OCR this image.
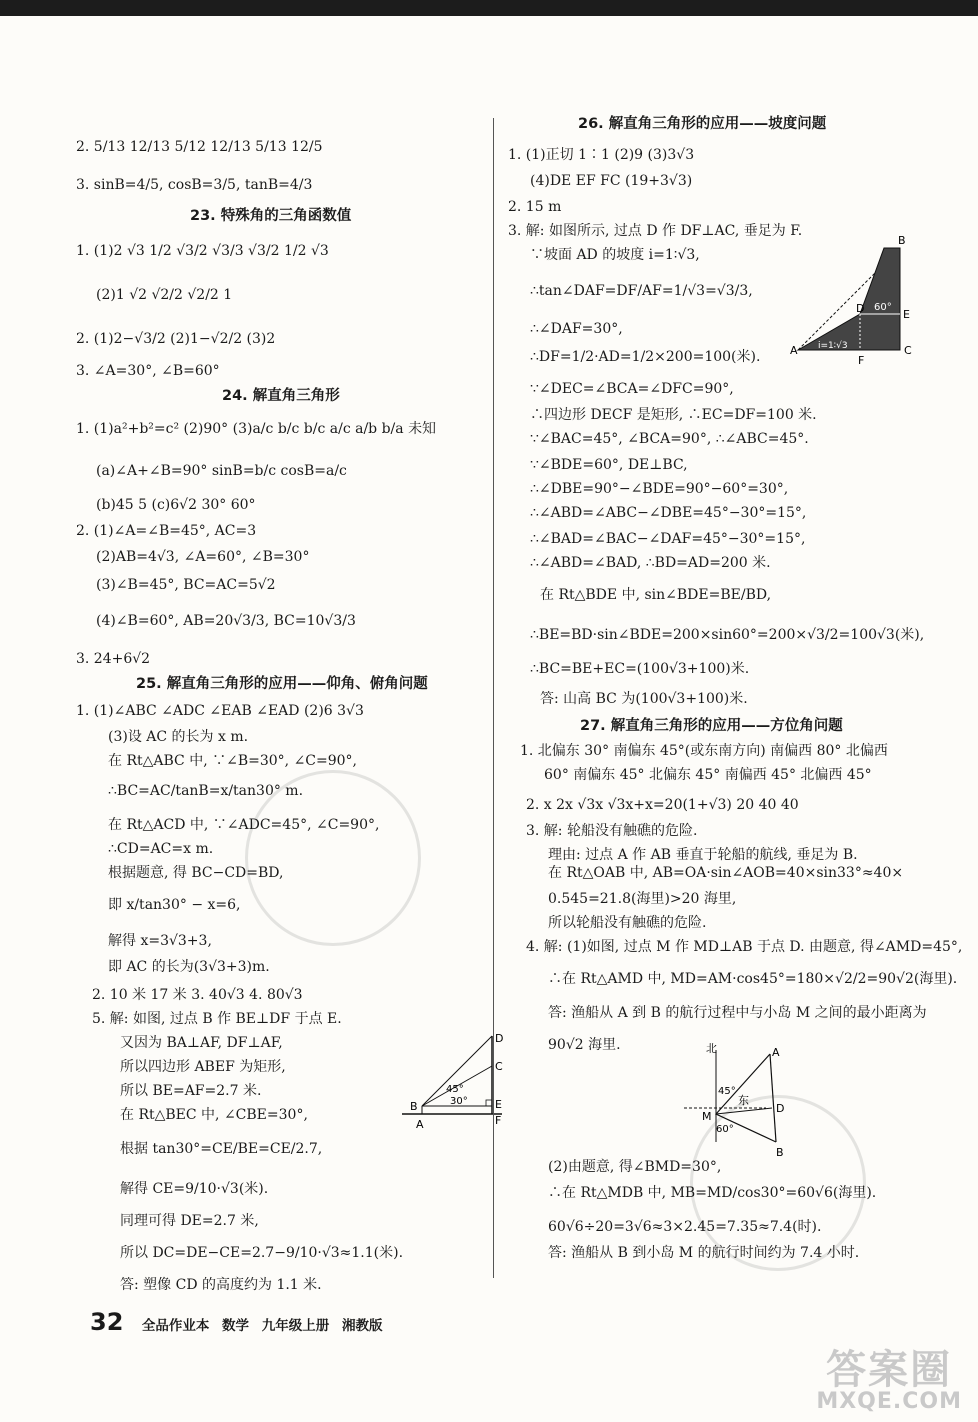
2. 5/13 12/13 5/12 12/13 5/13 12/5
3. sinB=4/5, cosB=3/5, tanB=4/3
23. 特殊角的三角函数值
1. (1)2 √3 1/2 √3/2 √3/3 √3/2 1/2 √3
(2)1 √2 √2/2 √2/2 1
2. (1)2−√3/2 (2)1−√2/2 (3)2
3. ∠A=30°, ∠B=60°
24. 解直角三角形
1. (1)a²+b²=c² (2)90° (3)a/c b/c b/c a/c a/b b/a 未知
(a)∠A+∠B=90° sinB=b/c cosB=a/c
(b)45 5 (c)6√2 30° 60°
2. (1)∠A=∠B=45°, AC=3
(2)AB=4√3, ∠A=60°, ∠B=30°
(3)∠B=45°, BC=AC=5√2
(4)∠B=60°, AB=20√3/3, BC=10√3/3
3. 24+6√2
25. 解直角三角形的应用——仰角、俯角问题
1. (1)∠ABC ∠ADC ∠EAB ∠EAD (2)6 3√3
(3)设 AC 的长为 x m.
在 Rt△ABC 中, ∵∠B=30°, ∠C=90°,
∴BC=AC/tanB=x/tan30° m.
在 Rt△ACD 中, ∵∠ADC=45°, ∠C=90°,
∴CD=AC=x m.
根据题意, 得 BC−CD=BD,
即 x/tan30° − x=6,
解得 x=3√3+3,
即 AC 的长为(3√3+3)m.
2. 10 米 17 米 3. 40√3 4. 80√3
5. 解: 如图, 过点 B 作 BE⊥DF 于点 E.
又因为 BA⊥AF, DF⊥AF,
所以四边形 ABEF 为矩形,
所以 BE=AF=2.7 米.
在 Rt△BEC 中, ∠CBE=30°,
根据 tan30°=CE/BE=CE/2.7,
解得 CE=9/10·√3(米).
同理可得 DE=2.7 米,
所以 DC=DE−CE=2.7−9/10·√3≈1.1(米).
答: 塑像 CD 的高度约为 1.1 米.
D
C
E
B
A	F
45°
30°
26. 解直角三角形的应用——坡度问题
1. (1)正切 1∶1 (2)9 (3)3√3
(4)DE EF FC (19+3√3)
2. 15 m
3. 解: 如图所示, 过点 D 作 DF⊥AC, 垂足为 F.
∵坡面 AD 的坡度 i=1∶√3,
∴tan∠DAF=DF/AF=1/√3=√3/3,
∴∠DAF=30°,
∴DF=1/2·AD=1/2×200=100(米).
∵∠DEC=∠BCA=∠DFC=90°,
∴四边形 DECF 是矩形, ∴EC=DF=100 米.
∵∠BAC=45°, ∠BCA=90°, ∴∠ABC=45°.
∵∠BDE=60°, DE⊥BC,
∴∠DBE=90°−∠BDE=90°−60°=30°,
∴∠ABD=∠ABC−∠DBE=45°−30°=15°,
∴∠BAD=∠BAC−∠DAF=45°−30°=15°,
∴∠ABD=∠BAD, ∴BD=AD=200 米.
在 Rt△BDE 中, sin∠BDE=BE/BD,
∴BE=BD·sin∠BDE=200×sin60°=200×√3/2=100√3(米),
∴BC=BE+EC=(100√3+100)米.
答: 山高 BC 为(100√3+100)米.
27. 解直角三角形的应用——方位角问题
1. 北偏东 30° 南偏东 45°(或东南方向) 南偏西 80° 北偏西
60° 南偏东 45° 北偏东 45° 南偏西 45° 北偏西 45°
2. x 2x √3x √3x+x=20(1+√3) 20 40 40
3. 解: 轮船没有触礁的危险.
理由: 过点 A 作 AB 垂直于轮船的航线, 垂足为 B.
在 Rt△OAB 中, AB=OA·sin∠AOB=40×sin33°≈40×
0.545=21.8(海里)>20 海里,
所以轮船没有触礁的危险.
4. 解: (1)如图, 过点 M 作 MD⊥AB 于点 D. 由题意, 得∠AMD=45°,
∴在 Rt△AMD 中, MD=AM·cos45°=180×√2/2=90√2(海里).
答: 渔船从 A 到 B 的航行过程中与小岛 M 之间的最小距离为
90√2 海里.
(2)由题意, 得∠BMD=30°,
∴在 Rt△MDB 中, MB=MD/cos30°=60√6(海里).
60√6÷20=3√6≈3×2.45=7.35≈7.4(时).
答: 渔船从 B 到小岛 M 的航行时间约为 7.4 小时.
B
D	E
A
F
C
60°
i=1∶√3
北
东
A
B
M
D
45°
60°
32 全品作业本 数学 九年级上册 湘教版
答案圈
MXQE.COM
